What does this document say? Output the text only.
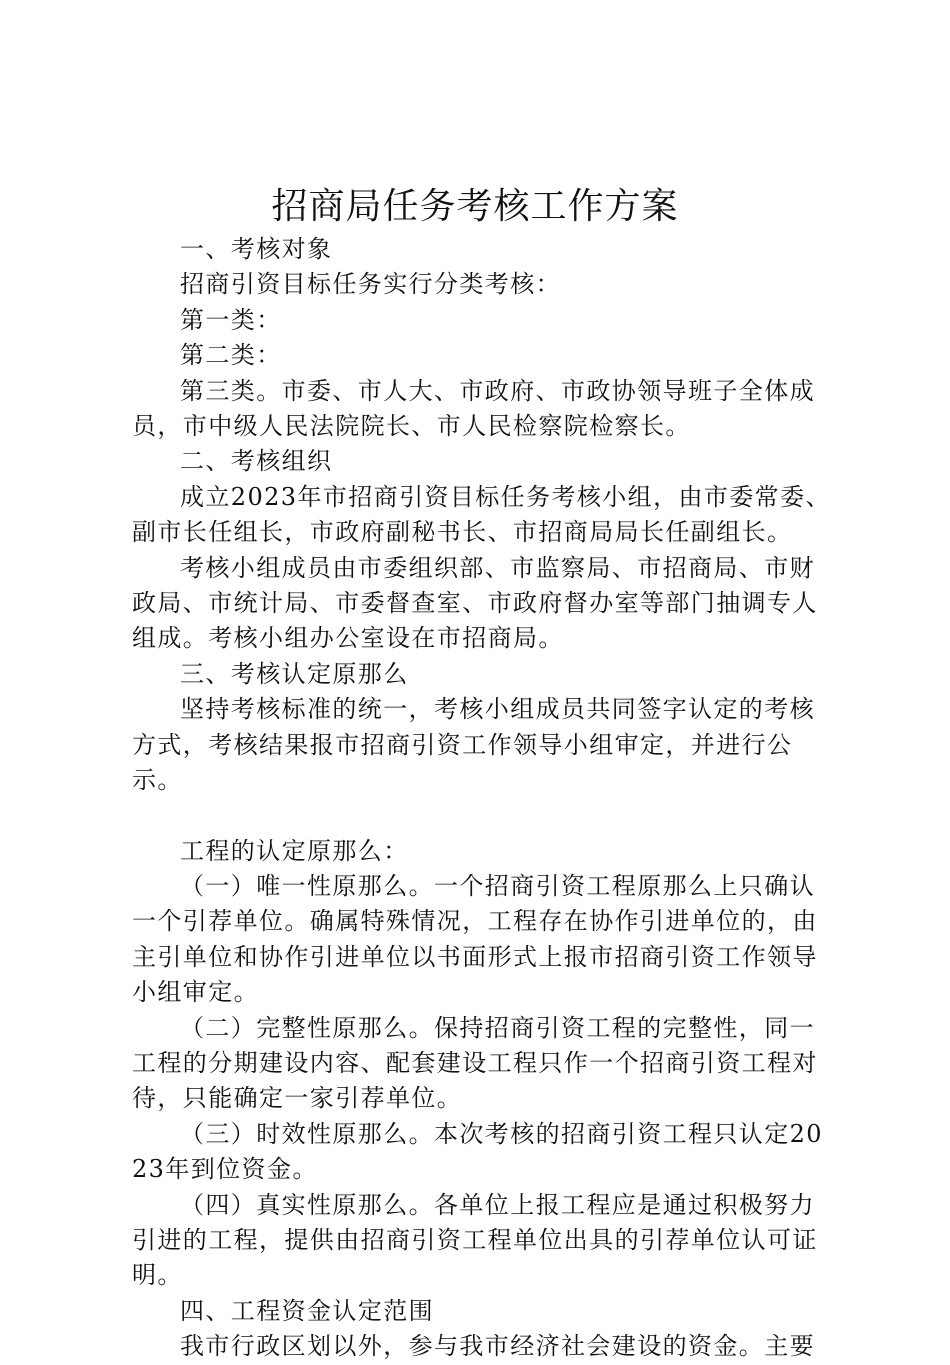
招商局任务考核工作方案

一、考核对象

招商引资目标任务实行分类考核：

第一类：

第二类：

第三类。市委、市人大、市政府、市政协领导班子全体成员，市中级人民法院院长、市人民检察院检察长。

二、考核组织

成立2023年市招商引资目标任务考核小组，由市委常委、副市长任组长，市政府副秘书长、市招商局局长任副组长。

考核小组成员由市委组织部、市监察局、市招商局、市财政局、市统计局、市委督查室、市政府督办室等部门抽调专人组成。考核小组办公室设在市招商局。

三、考核认定原那么

坚持考核标准的统一，考核小组成员共同签字认定的考核方式，考核结果报市招商引资工作领导小组审定，并进行公示。

工程的认定原那么：

（一）唯一性原那么。一个招商引资工程原那么上只确认一个引荐单位。确属特殊情况，工程存在协作引进单位的，由主引单位和协作引进单位以书面形式上报市招商引资工作领导小组审定。

（二）完整性原那么。保持招商引资工程的完整性，同一工程的分期建设内容、配套建设工程只作一个招商引资工程对待，只能确定一家引荐单位。

（三）时效性原那么。本次考核的招商引资工程只认定2023年到位资金。

（四）真实性原那么。各单位上报工程应是通过积极努力引进的工程，提供由招商引资工程单位出具的引荐单位认可证明。

四、工程资金认定范围

我市行政区划以外，参与我市经济社会建设的资金。主要
